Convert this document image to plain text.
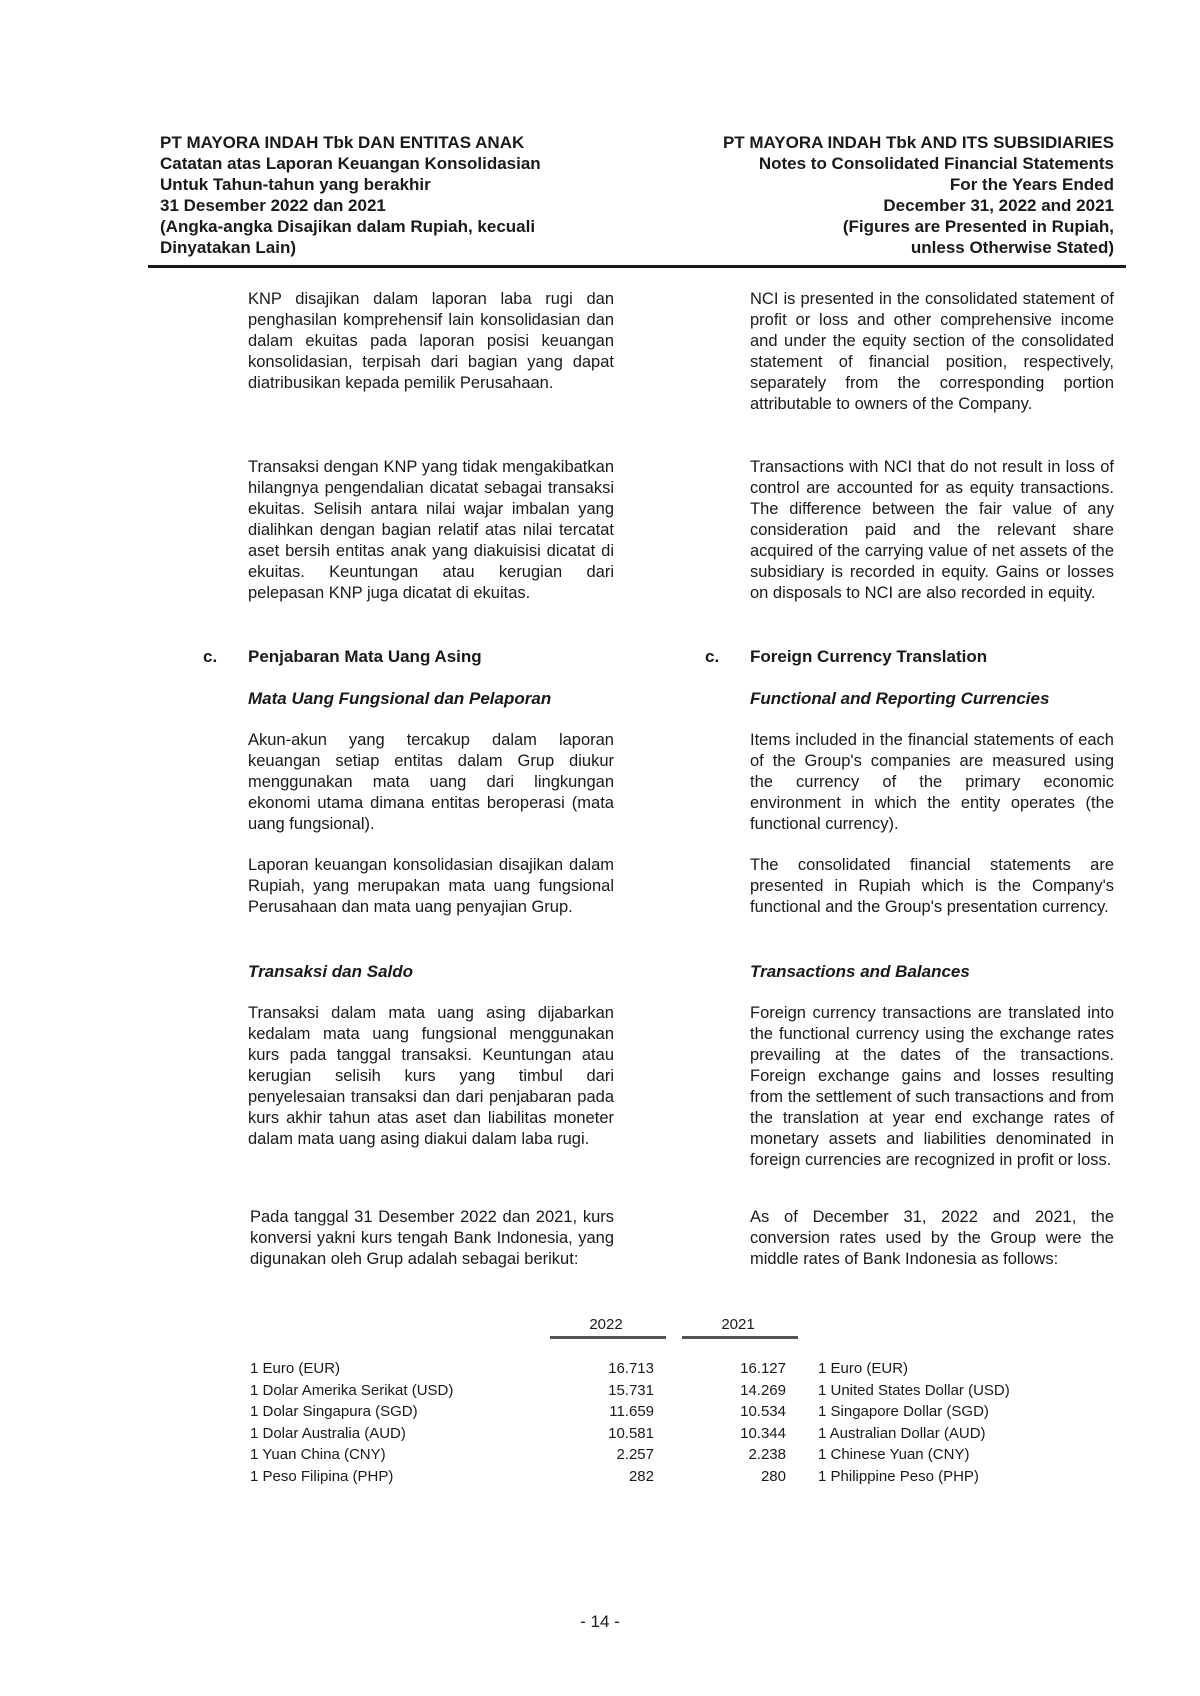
PT MAYORA INDAH Tbk DAN ENTITAS ANAK
Catatan atas Laporan Keuangan Konsolidasian
Untuk Tahun-tahun yang berakhir
31 Desember 2022 dan 2021
(Angka-angka Disajikan dalam Rupiah, kecuali
Dinyatakan Lain)
PT MAYORA INDAH Tbk AND ITS SUBSIDIARIES
Notes to Consolidated Financial Statements
For the Years Ended
December 31, 2022 and 2021
(Figures are Presented in Rupiah,
unless Otherwise Stated)
KNP disajikan dalam laporan laba rugi dan penghasilan komprehensif lain konsolidasian dan dalam ekuitas pada laporan posisi keuangan konsolidasian, terpisah dari bagian yang dapat diatribusikan kepada pemilik Perusahaan.
NCI is presented in the consolidated statement of profit or loss and other comprehensive income and under the equity section of the consolidated statement of financial position, respectively, separately from the corresponding portion attributable to owners of the Company.
Transaksi dengan KNP yang tidak mengakibatkan hilangnya pengendalian dicatat sebagai transaksi ekuitas. Selisih antara nilai wajar imbalan yang dialihkan dengan bagian relatif atas nilai tercatat aset bersih entitas anak yang diakuisisi dicatat di ekuitas. Keuntungan atau kerugian dari pelepasan KNP juga dicatat di ekuitas.
Transactions with NCI that do not result in loss of control are accounted for as equity transactions. The difference between the fair value of any consideration paid and the relevant share acquired of the carrying value of net assets of the subsidiary is recorded in equity. Gains or losses on disposals to NCI are also recorded in equity.
c. Penjabaran Mata Uang Asing	c. Foreign Currency Translation
Mata Uang Fungsional dan Pelaporan	Functional and Reporting Currencies
Akun-akun yang tercakup dalam laporan keuangan setiap entitas dalam Grup diukur menggunakan mata uang dari lingkungan ekonomi utama dimana entitas beroperasi (mata uang fungsional).
Items included in the financial statements of each of the Group's companies are measured using the currency of the primary economic environment in which the entity operates (the functional currency).
Laporan keuangan konsolidasian disajikan dalam Rupiah, yang merupakan mata uang fungsional Perusahaan dan mata uang penyajian Grup.
The consolidated financial statements are presented in Rupiah which is the Company's functional and the Group's presentation currency.
Transaksi dan Saldo	Transactions and Balances
Transaksi dalam mata uang asing dijabarkan kedalam mata uang fungsional menggunakan kurs pada tanggal transaksi. Keuntungan atau kerugian selisih kurs yang timbul dari penyelesaian transaksi dan dari penjabaran pada kurs akhir tahun atas aset dan liabilitas moneter dalam mata uang asing diakui dalam laba rugi.
Foreign currency transactions are translated into the functional currency using the exchange rates prevailing at the dates of the transactions. Foreign exchange gains and losses resulting from the settlement of such transactions and from the translation at year end exchange rates of monetary assets and liabilities denominated in foreign currencies are recognized in profit or loss.
Pada tanggal 31 Desember 2022 dan 2021, kurs konversi yakni kurs tengah Bank Indonesia, yang digunakan oleh Grup adalah sebagai berikut:
As of December 31, 2022 and 2021, the conversion rates used by the Group were the middle rates of Bank Indonesia as follows:
2022	2021
1 Euro (EUR)	16.713	16.127 1 Euro (EUR)
1 Dolar Amerika Serikat (USD)	15.731	14.269 1 United States Dollar (USD)
1 Dolar Singapura (SGD)	11.659	10.534 1 Singapore Dollar (SGD)
1 Dolar Australia (AUD)	10.581	10.344 1 Australian Dollar (AUD)
1 Yuan China (CNY)	2.257	2.238 1 Chinese Yuan (CNY)
1 Peso Filipina (PHP)	282	280 1 Philippine Peso (PHP)
- 14 -
